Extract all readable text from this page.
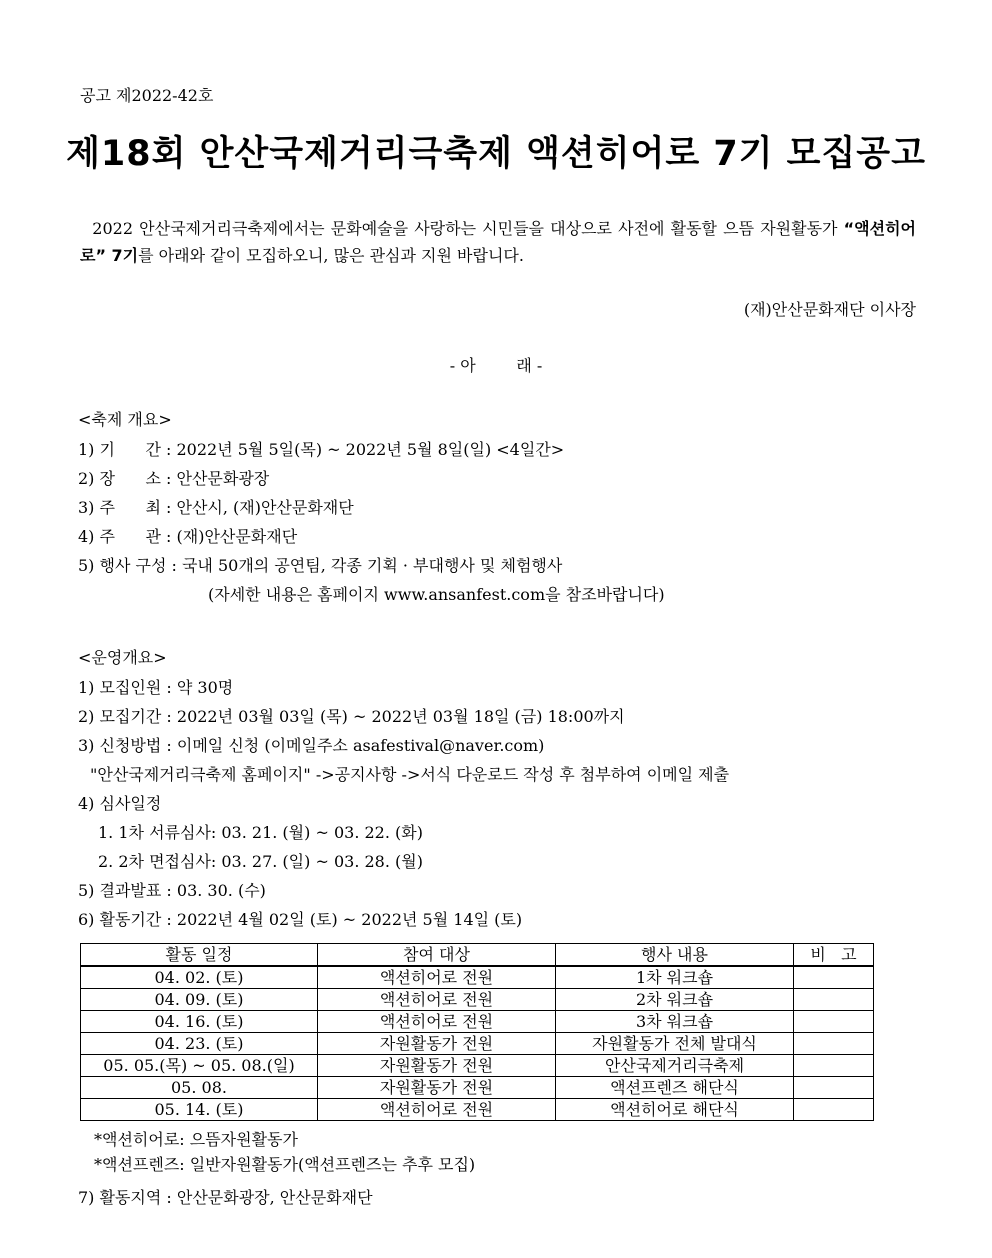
공고 제2022-42호
제18회 안산국제거리극축제 액션히어로 7기 모집공고
2022 안산국제거리극축제에서는 문화예술을 사랑하는 시민들을 대상으로 사전에 활동할 으뜸 자원활동가 “액션히어로” 7기를 아래와 같이 모집하오니, 많은 관심과 지원 바랍니다.
(재)안산문화재단 이사장
- 아        래 -
<축제 개요>
1) 기      간 : 2022년 5월 5일(목) ~ 2022년 5월 8일(일) <4일간>
2) 장      소 : 안산문화광장
3) 주      최 : 안산시, (재)안산문화재단
4) 주      관 : (재)안산문화재단
5) 행사 구성 : 국내 50개의 공연팀, 각종 기획 · 부대행사 및 체험행사
(자세한 내용은 홈페이지 www.ansanfest.com을 참조바랍니다)
<운영개요>
1) 모집인원 : 약 30명
2) 모집기간 : 2022년 03월 03일 (목) ~ 2022년 03월 18일 (금) 18:00까지
3) 신청방법 : 이메일 신청 (이메일주소 asafestival@naver.com)
"안산국제거리극축제 홈페이지" ->공지사항 ->서식 다운로드 작성 후 첨부하여 이메일 제출
4) 심사일정
1. 1차 서류심사: 03. 21. (월) ~ 03. 22. (화)
2. 2차 면접심사: 03. 27. (일) ~ 03. 28. (월)
5) 결과발표 : 03. 30. (수)
6) 활동기간 : 2022년 4월 02일 (토) ~ 2022년 5월 14일 (토)
활동 일정	참여 대상	행사 내용	비   고
04. 02. (토)	액션히어로 전원	1차 워크숍	
04. 09. (토)	액션히어로 전원	2차 워크숍	
04. 16. (토)	액션히어로 전원	3차 워크숍	
04. 23. (토)	자원활동가 전원	자원활동가 전체 발대식	
05. 05.(목) ~ 05. 08.(일)	자원활동가 전원	안산국제거리극축제	
05. 08.	자원활동가 전원	액션프렌즈 해단식	
05. 14. (토)	액션히어로 전원	액션히어로 해단식	
*액션히어로: 으뜸자원활동가
*액션프렌즈: 일반자원활동가(액션프렌즈는 추후 모집)
7) 활동지역 : 안산문화광장, 안산문화재단
